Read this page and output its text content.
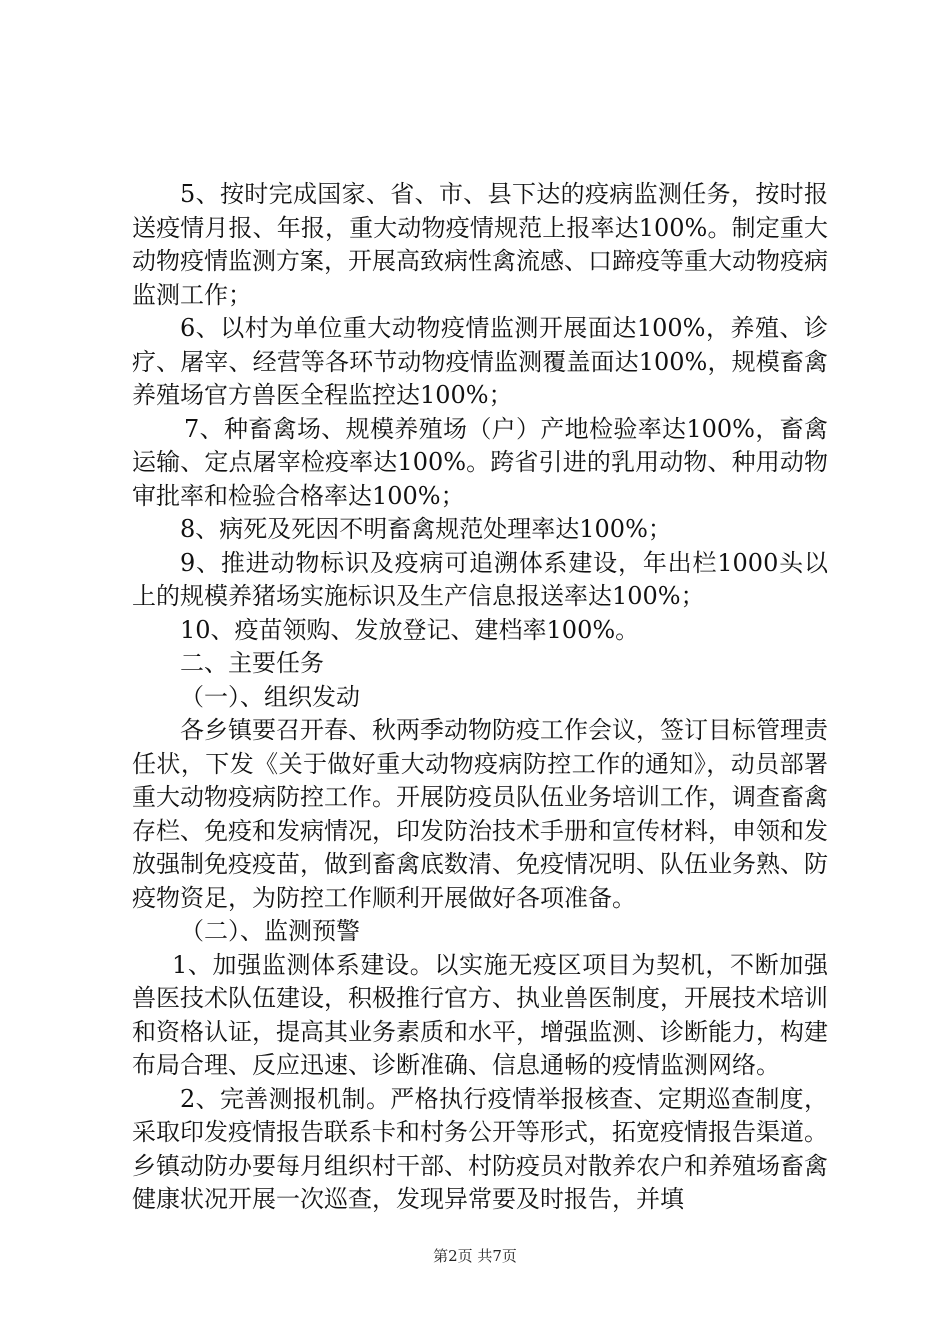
5、按时完成国家、省、市、县下达的疫病监测任务，按时报送疫情月报、年报，重大动物疫情规范上报率达100%。制定重大动物疫情监测方案，开展高致病性禽流感、口蹄疫等重大动物疫病监测工作；

6、以村为单位重大动物疫情监测开展面达100%，养殖、诊疗、屠宰、经营等各环节动物疫情监测覆盖面达100%，规模畜禽养殖场官方兽医全程监控达100%；

7、种畜禽场、规模养殖场（户）产地检验率达100%，畜禽运输、定点屠宰检疫率达100%。跨省引进的乳用动物、种用动物审批率和检验合格率达100%；

8、病死及死因不明畜禽规范处理率达100%；

9、推进动物标识及疫病可追溯体系建设，年出栏1000头以上的规模养猪场实施标识及生产信息报送率达100%；

10、疫苗领购、发放登记、建档率100%。

二、主要任务

（一）、组织发动

各乡镇要召开春、秋两季动物防疫工作会议，签订目标管理责任状，下发《关于做好重大动物疫病防控工作的通知》，动员部署重大动物疫病防控工作。开展防疫员队伍业务培训工作，调查畜禽存栏、免疫和发病情况，印发防治技术手册和宣传材料，申领和发放强制免疫疫苗，做到畜禽底数清、免疫情况明、队伍业务熟、防疫物资足，为防控工作顺利开展做好各项准备。

（二）、监测预警

1、加强监测体系建设。以实施无疫区项目为契机，不断加强兽医技术队伍建设，积极推行官方、执业兽医制度，开展技术培训和资格认证，提高其业务素质和水平，增强监测、诊断能力，构建布局合理、反应迅速、诊断准确、信息通畅的疫情监测网络。

2、完善测报机制。严格执行疫情举报核查、定期巡查制度，采取印发疫情报告联系卡和村务公开等形式，拓宽疫情报告渠道。乡镇动防办要每月组织村干部、村防疫员对散养农户和养殖场畜禽健康状况开展一次巡查，发现异常要及时报告，并填

第2页 共7页
